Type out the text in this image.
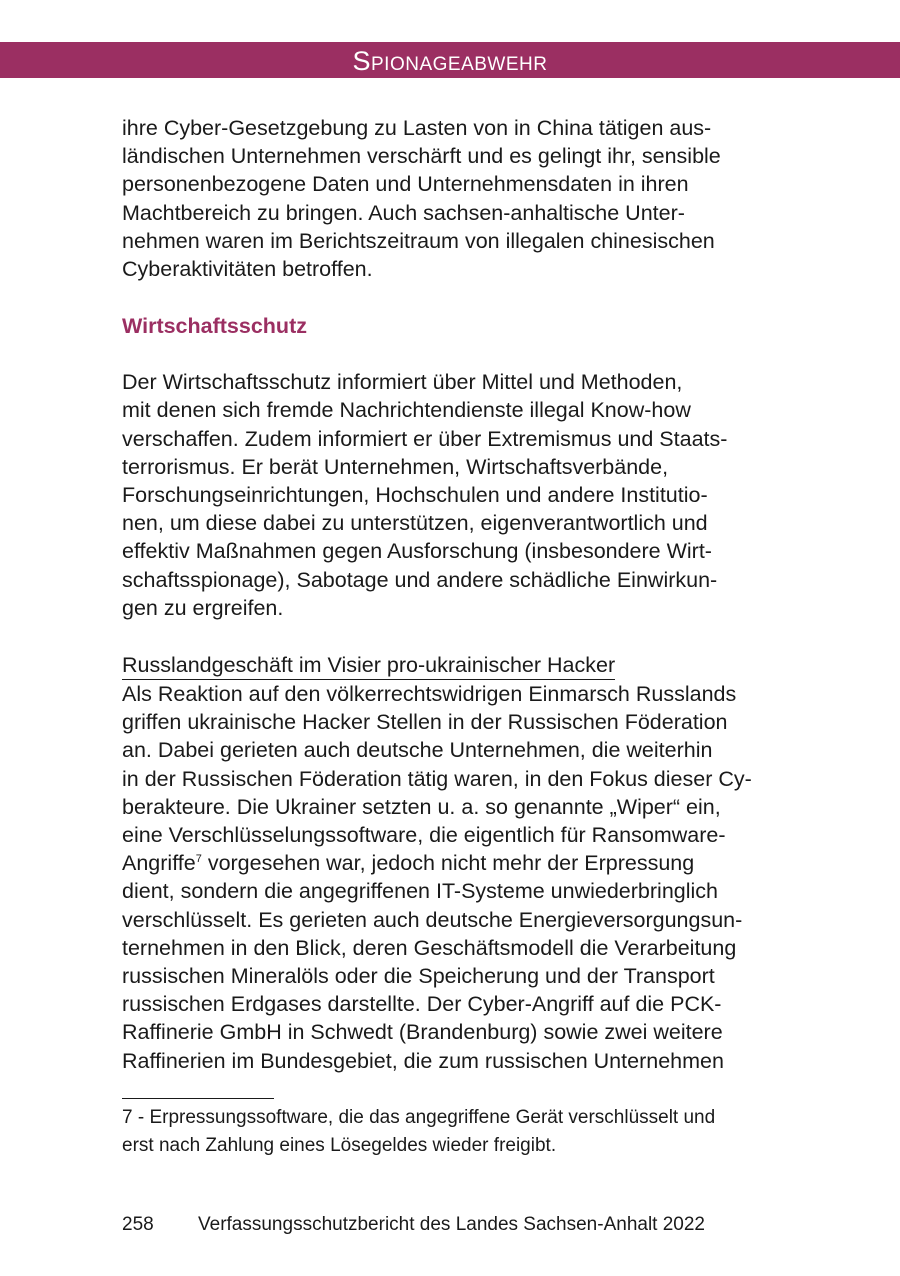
Spionageabwehr
ihre Cyber-Gesetzgebung zu Lasten von in China tätigen aus-
ländischen Unternehmen verschärft und es gelingt ihr, sensible
personenbezogene Daten und Unternehmensdaten in ihren
Machtbereich zu bringen. Auch sachsen-anhaltische Unter-
nehmen waren im Berichtszeitraum von illegalen chinesischen
Cyberaktivitäten betroffen.
Wirtschaftsschutz
Der Wirtschaftsschutz informiert über Mittel und Methoden,
mit denen sich fremde Nachrichtendienste illegal Know-how
verschaffen. Zudem informiert er über Extremismus und Staats-
terrorismus. Er berät Unternehmen, Wirtschaftsverbände,
Forschungseinrichtungen, Hochschulen und andere Institutio-
nen, um diese dabei zu unterstützen, eigenverantwortlich und
effektiv Maßnahmen gegen Ausforschung (insbesondere Wirt-
schaftsspionage), Sabotage und andere schädliche Einwirkun-
gen zu ergreifen.
Russlandgeschäft im Visier pro-ukrainischer Hacker
Als Reaktion auf den völkerrechtswidrigen Einmarsch Russlands
griffen ukrainische Hacker Stellen in der Russischen Föderation
an. Dabei gerieten auch deutsche Unternehmen, die weiterhin
in der Russischen Föderation tätig waren, in den Fokus dieser Cy-
berakteure. Die Ukrainer setzten u. a. so genannte „Wiper“ ein,
eine Verschlüsselungssoftware, die eigentlich für Ransomware-
Angriffe$^7$ vorgesehen war, jedoch nicht mehr der Erpressung
dient, sondern die angegriffenen IT-Systeme unwiederbringlich
verschlüsselt. Es gerieten auch deutsche Energieversorgungsun-
ternehmen in den Blick, deren Geschäftsmodell die Verarbeitung
russischen Mineralöls oder die Speicherung und der Transport
russischen Erdgases darstellte. Der Cyber-Angriff auf die PCK-
Raffinerie GmbH in Schwedt (Brandenburg) sowie zwei weitere
Raffinerien im Bundesgebiet, die zum russischen Unternehmen
7 - Erpressungssoftware, die das angegriffene Gerät verschlüsselt und
erst nach Zahlung eines Lösegeldes wieder freigibt.
258 Verfassungsschutzbericht des Landes Sachsen-Anhalt 2022
